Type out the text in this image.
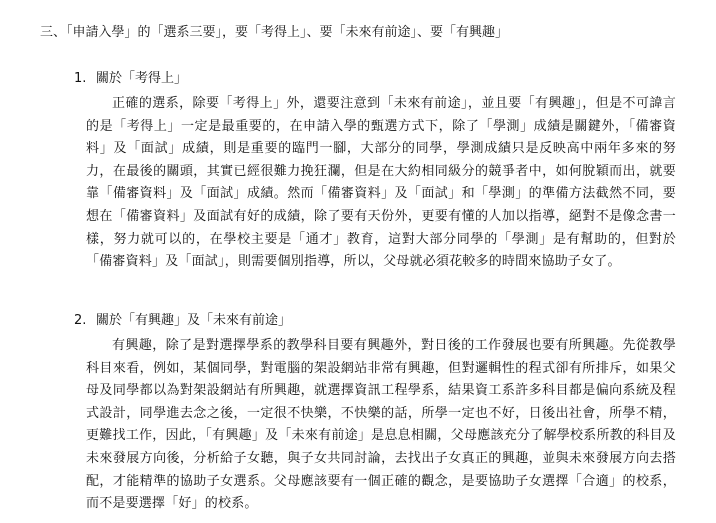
三、「申請入學」的「選系三要」，要「考得上」、要「未來有前途」、要「有興趣」
1. 關於「考得上」
正確的選系，除要「考得上」外，還要注意到「未來有前途」，並且要「有興趣」，但是不可諱言的是「考得上」一定是最重要的，在申請入學的甄選方式下，除了「學測」成績是關鍵外，「備審資料」及「面試」成績，則是重要的臨門一腳，大部分的同學，學測成績只是反映高中兩年多來的努力，在最後的關頭，其實已經很難力挽狂瀾，但是在大約相同級分的競爭者中，如何脫穎而出，就要靠「備審資料」及「面試」成績。然而「備審資料」及「面試」和「學測」的準備方法截然不同，要想在「備審資料」及面試有好的成績，除了要有天份外，更要有懂的人加以指導，絕對不是像念書一樣，努力就可以的，在學校主要是「通才」教育，這對大部分同學的「學測」是有幫助的，但對於「備審資料」及「面試」，則需要個別指導，所以，父母就必須花較多的時間來協助子女了。
2. 關於「有興趣」及「未來有前途」
有興趣，除了是對選擇學系的教學科目要有興趣外，對日後的工作發展也要有所興趣。先從教學科目來看，例如，某個同學，對電腦的架設網站非常有興趣，但對邏輯性的程式卻有所排斥，如果父母及同學都以為對架設網站有所興趣，就選擇資訊工程學系，結果資工系許多科目都是偏向系統及程式設計，同學進去念之後，一定很不快樂，不快樂的話，所學一定也不好，日後出社會，所學不精，更難找工作，因此，「有興趣」及「未來有前途」是息息相關，父母應該充分了解學校系所教的科目及未來發展方向後，分析給子女聽，與子女共同討論，去找出子女真正的興趣，並與未來發展方向去搭配，才能精準的協助子女選系。父母應該要有一個正確的觀念，是要協助子女選擇「合適」的校系，而不是要選擇「好」的校系。
